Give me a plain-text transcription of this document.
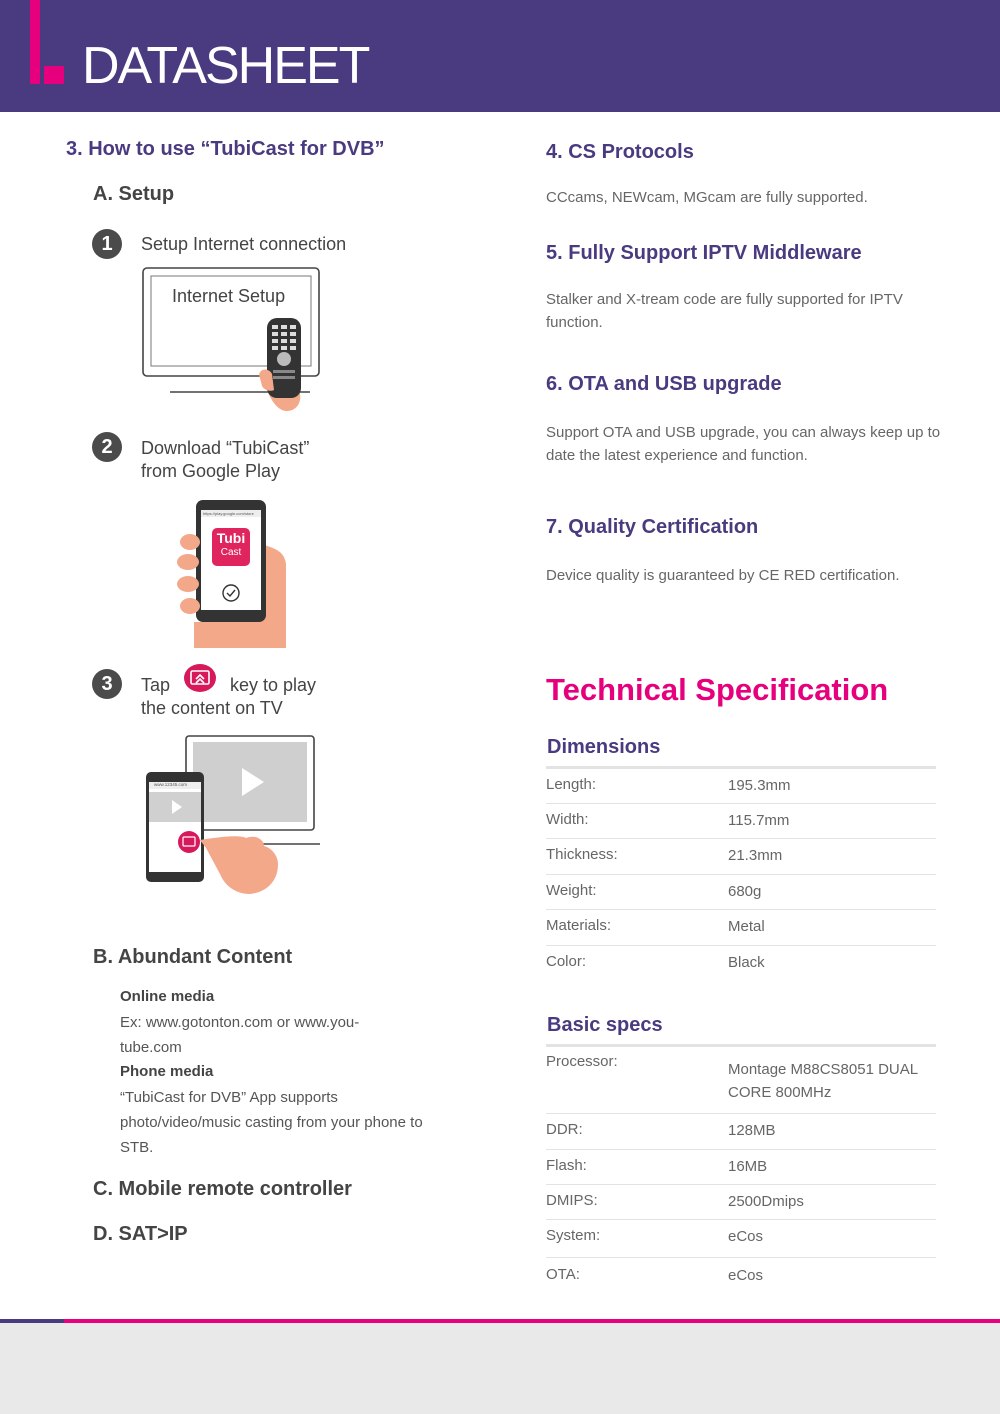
DATASHEET
3. How to use “TubiCast for DVB”
A. Setup
1	Setup Internet connection
Internet Setup
2	Download “TubiCast”
from Google Play
https://play.google.com/store
Tubi
Cast
3	Tap	key to play
the content on TV
www.12345.com
B. Abundant Content
Online media
Ex: www.gotonton.com or www.you-tube.com
Phone media
“TubiCast for DVB” App supports photo/video/music casting from your phone to STB.
C. Mobile remote controller
D. SAT>IP
4. CS Protocols
CCcams, NEWcam, MGcam are fully supported.
5. Fully Support IPTV Middleware
Stalker and X-tream code are fully supported for IPTV function.
6. OTA and USB upgrade
Support OTA and USB upgrade, you can always keep up to date the latest experience and function.
7. Quality Certification
Device quality is guaranteed by CE RED certification.
Technical Specification
Dimensions
Length:	195.3mm
Width:	115.7mm
Thickness:	21.3mm
Weight:	680g
Materials:	Metal
Color:	Black
Basic specs
Processor:	Montage M88CS8051 DUAL CORE 800MHz
DDR:	128MB
Flash:	16MB
DMIPS:	2500Dmips
System:	eCos
OTA:	eCos
